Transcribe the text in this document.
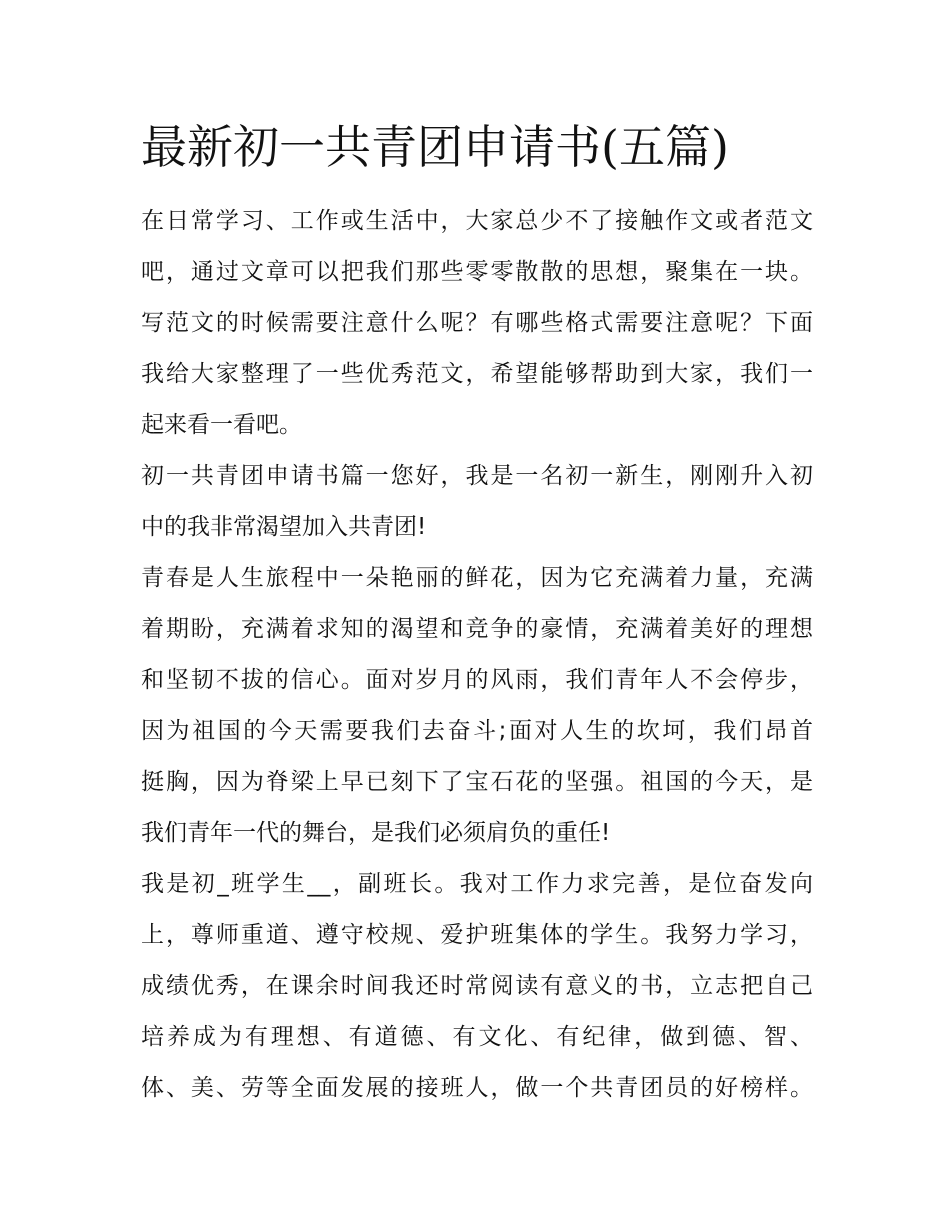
最新初一共青团申请书(五篇)

在日常学习、工作或生活中，大家总少不了接触作文或者范文

吧，通过文章可以把我们那些零零散散的思想，聚集在一块。

写范文的时候需要注意什么呢？有哪些格式需要注意呢？下面

我给大家整理了一些优秀范文，希望能够帮助到大家，我们一

起来看一看吧。

初一共青团申请书篇一您好，我是一名初一新生，刚刚升入初

中的我非常渴望加入共青团!

青春是人生旅程中一朵艳丽的鲜花，因为它充满着力量，充满

着期盼，充满着求知的渴望和竞争的豪情，充满着美好的理想

和坚韧不拔的信心。面对岁月的风雨，我们青年人不会停步，

因为祖国的今天需要我们去奋斗;面对人生的坎坷，我们昂首

挺胸，因为脊梁上早已刻下了宝石花的坚强。祖国的今天，是

我们青年一代的舞台，是我们必须肩负的重任!

我是初_班学生__，副班长。我对工作力求完善，是位奋发向

上，尊师重道、遵守校规、爱护班集体的学生。我努力学习，

成绩优秀，在课余时间我还时常阅读有意义的书，立志把自己

培养成为有理想、有道德、有文化、有纪律，做到德、智、

体、美、劳等全面发展的接班人，做一个共青团员的好榜样。
